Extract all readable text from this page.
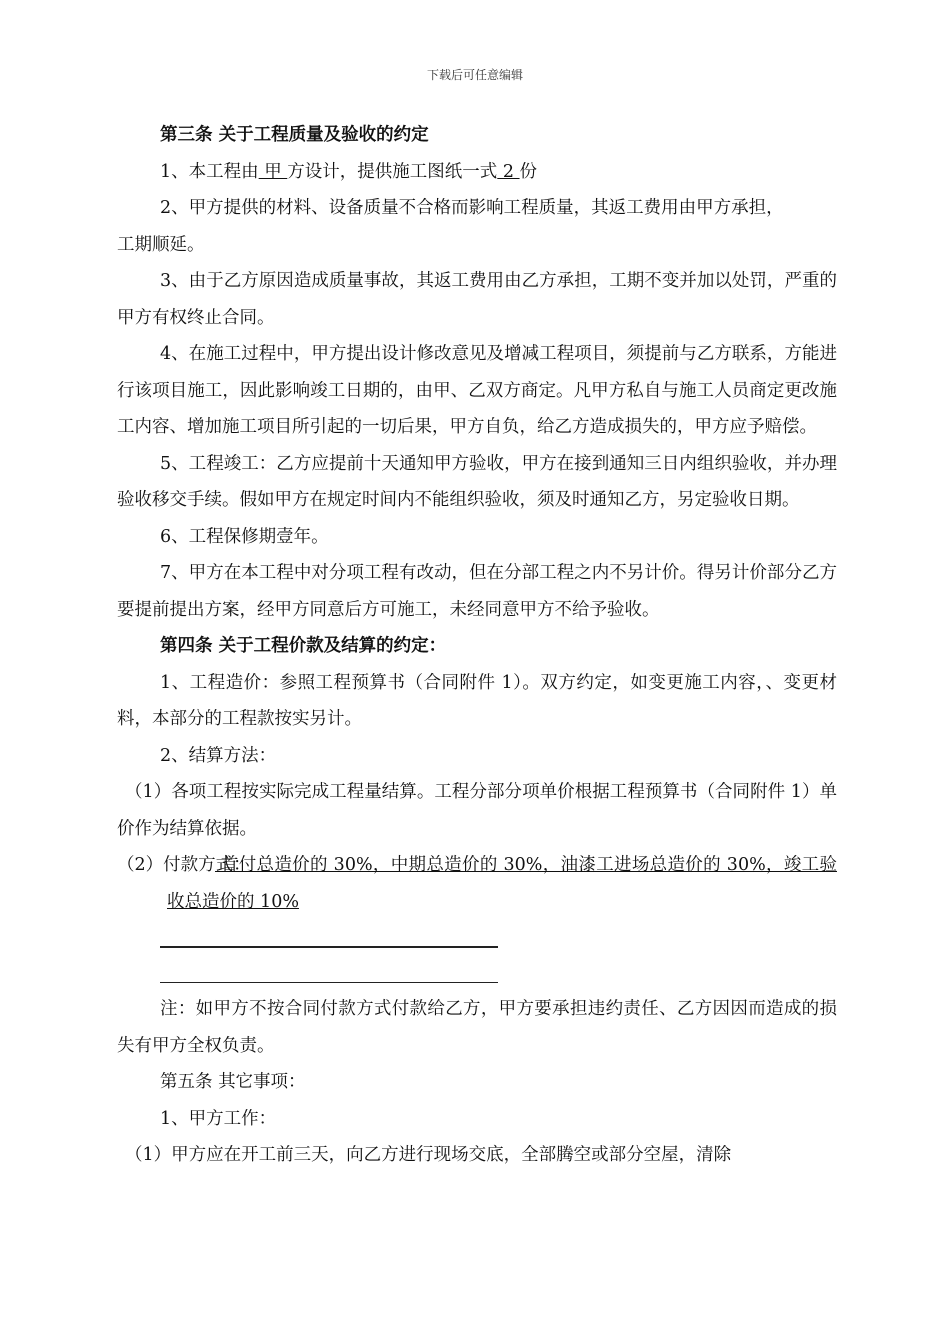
下载后可任意编辑

第三条 关于工程质量及验收的约定

1、本工程由 甲 方设计，提供施工图纸一式 2 份

2、甲方提供的材料、设备质量不合格而影响工程质量，其返工费用由甲方承担，

工期顺延。

3、由于乙方原因造成质量事故，其返工费用由乙方承担，工期不变并加以处罚，严重的甲方有权终止合同。

4、在施工过程中，甲方提出设计修改意见及增减工程项目，须提前与乙方联系，方能进行该项目施工，因此影响竣工日期的，由甲、乙双方商定。凡甲方私自与施工人员商定更改施工内容、增加施工项目所引起的一切后果，甲方自负，给乙方造成损失的，甲方应予赔偿。

5、工程竣工：乙方应提前十天通知甲方验收，甲方在接到通知三日内组织验收，并办理验收移交手续。假如甲方在规定时间内不能组织验收，须及时通知乙方，另定验收日期。

6、工程保修期壹年。

7、甲方在本工程中对分项工程有改动，但在分部工程之内不另计价。得另计价部分乙方要提前提出方案，经甲方同意后方可施工，未经同意甲方不给予验收。

第四条 关于工程价款及结算的约定：

1、工程造价：参照工程预算书（合同附件 1）。双方约定，如变更施工内容，、变更材料，本部分的工程款按实另计。

2、结算方法：

（1）各项工程按实际完成工程量结算。工程分部分项单价根据工程预算书（合同附件 1）单价作为结算依据。

（2）付款方式： 首付总造价的 30%，中期总造价的 30%，油漆工进场总造价的 30%，竣工验收总造价的 10%

注：如甲方不按合同付款方式付款给乙方，甲方要承担违约责任、乙方因因而造成的损失有甲方全权负责。

第五条 其它事项：

1、甲方工作：

（1）甲方应在开工前三天，向乙方进行现场交底，全部腾空或部分空屋，清除
